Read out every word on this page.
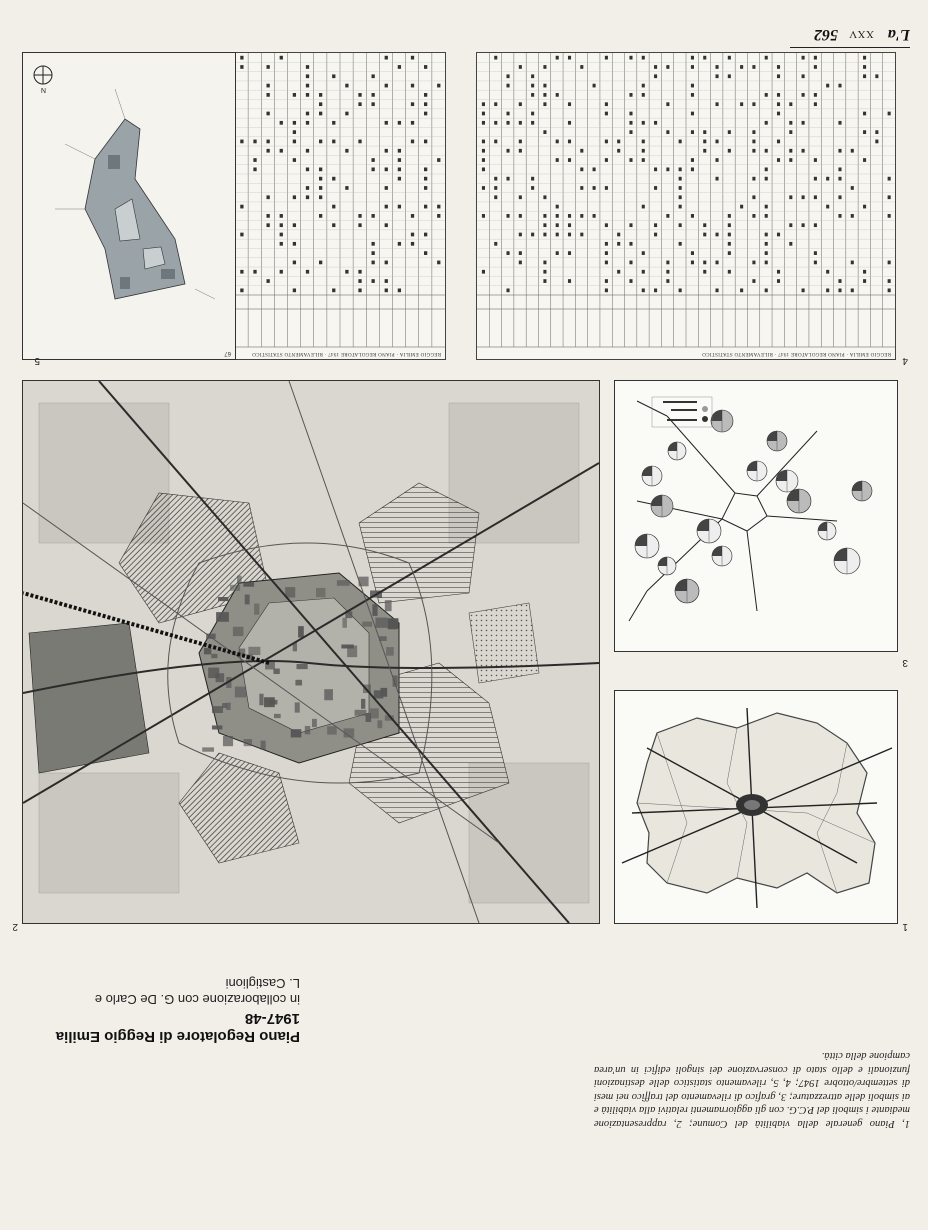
L'a
XXV
562
REGGIO EMILIA · PIANO REGOLATORE 1947 · RILEVAMENTO STATISTICO
4
REGGIO EMILIA · PIANO REGOLATORE 1947 · RILEVAMENTO STATISTICO
67
N
5
3
1
2
Piano Regolatore di Reggio Emilia
1947-48
in collaborazione con G. De Carlo e
L. Castiglioni
1, Piano generale della viabilità del Comune; 2, rappresentazione mediante i simboli del P.C.G. con gli aggiornamenti relativi alla viabilità e ai simboli delle attrezzature; 3, grafico di rilevamento del traffico nei mesi di settembre/ottobre 1947; 4, 5, rilevamento statistico delle destinazioni funzionali e dello stato di conservazione dei singoli edifici in un'area campione della città.
